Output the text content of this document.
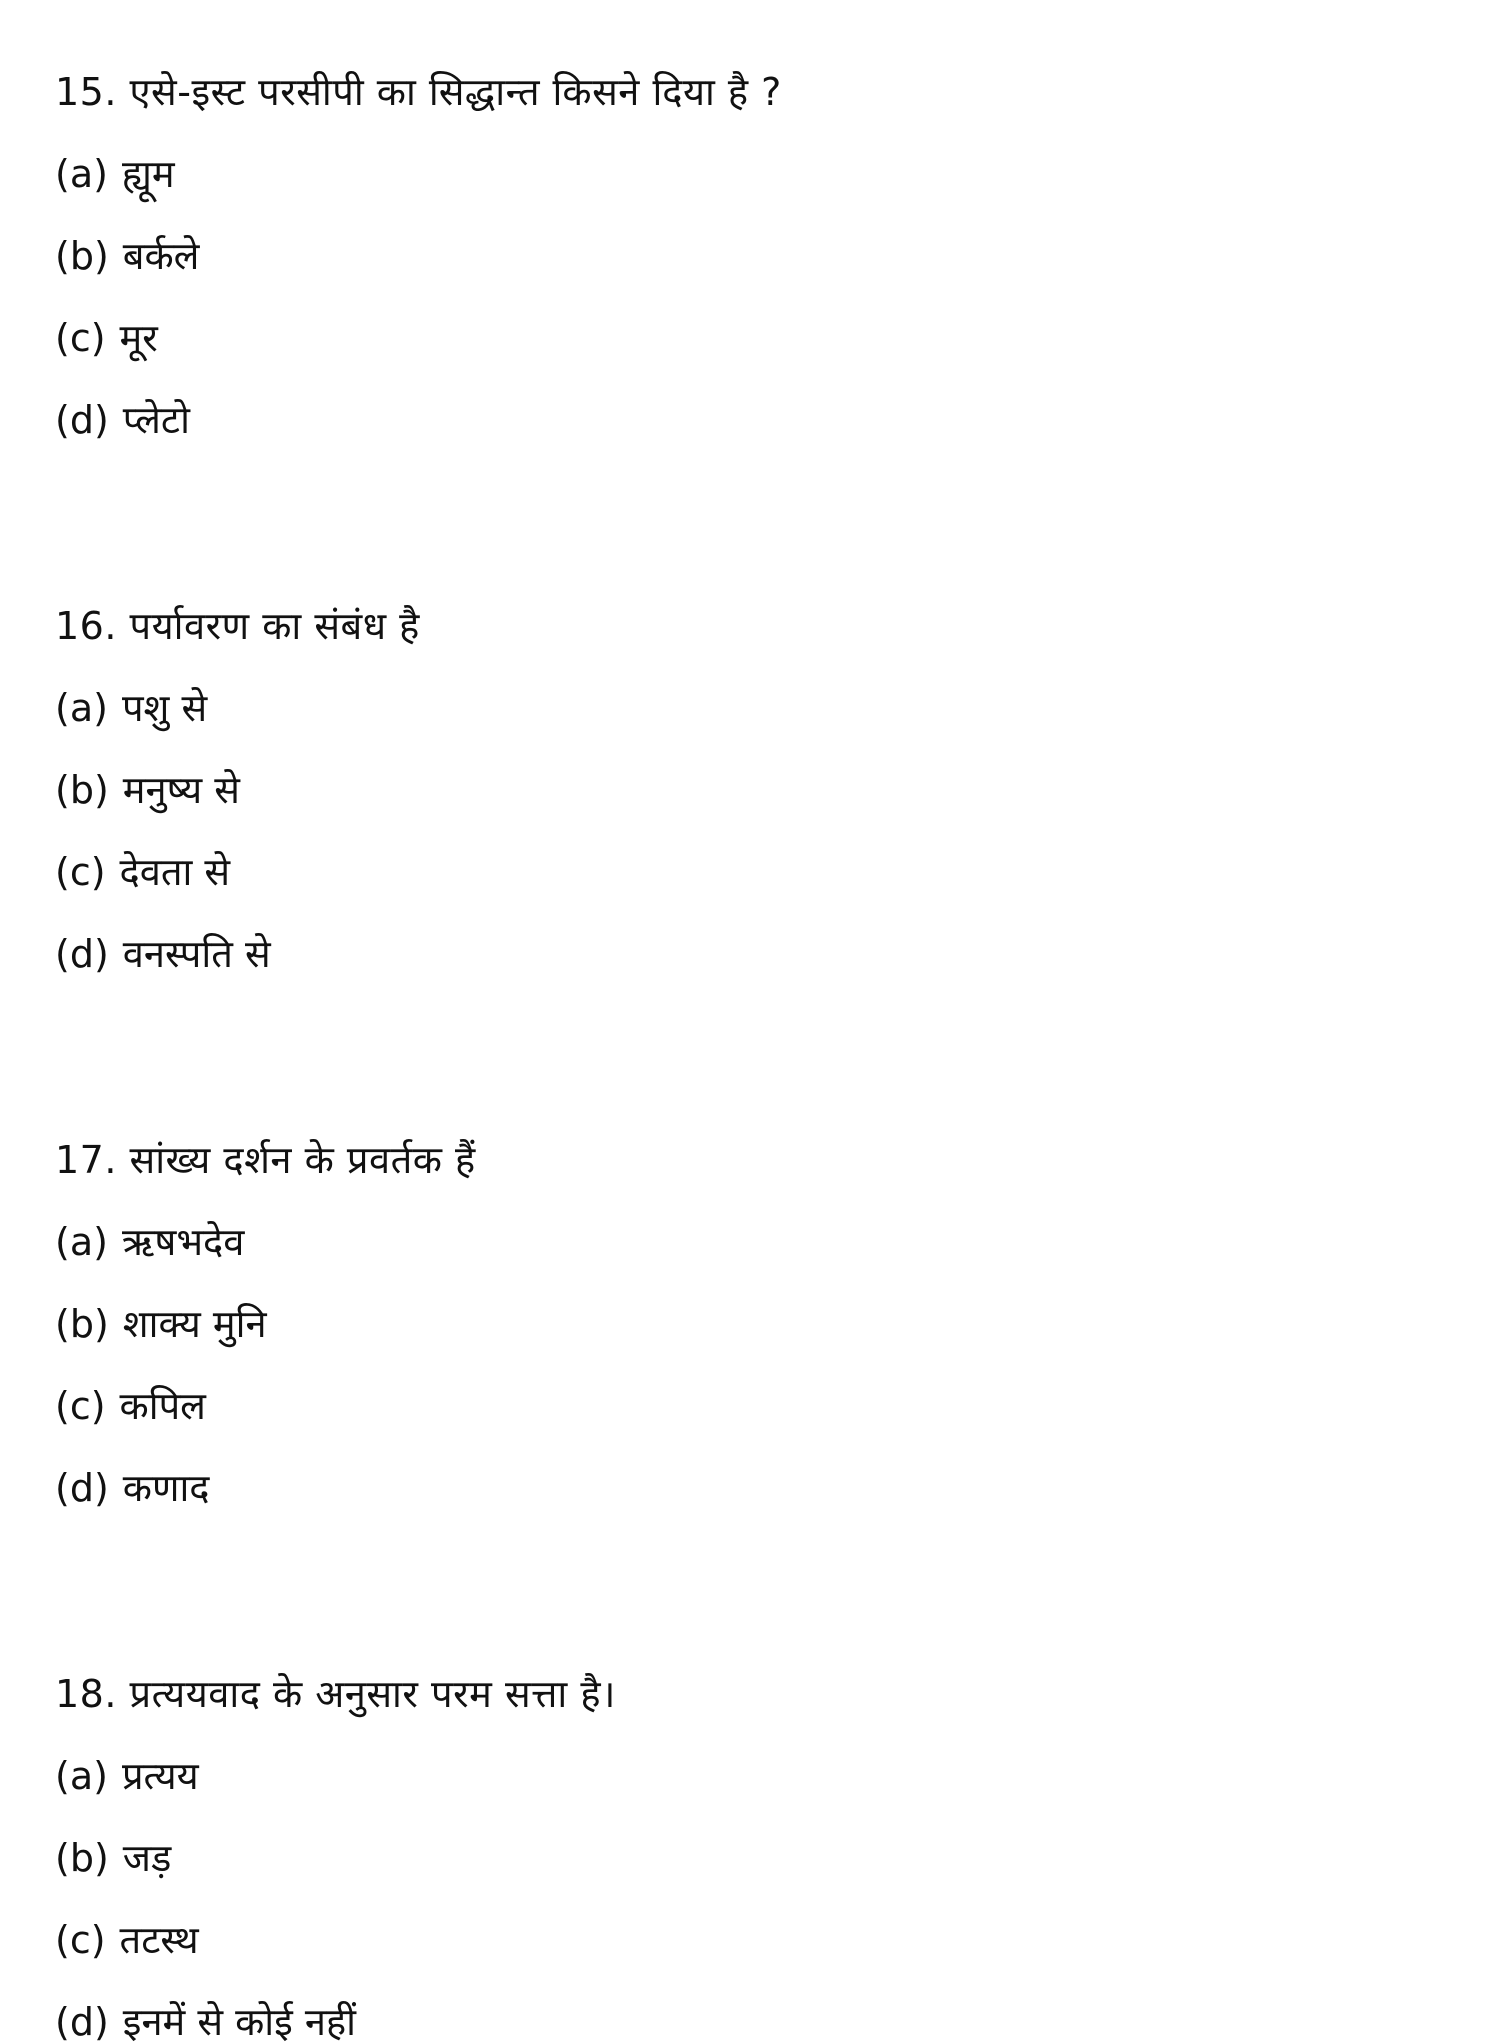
15. एसे-इस्ट परसीपी का सिद्धान्त किसने दिया है ?
(a) ह्यूम
(b) बर्कले
(c) मूर
(d) प्लेटो
16. पर्यावरण का संबंध है
(a) पशु से
(b) मनुष्य से
(c) देवता से
(d) वनस्पति से
17. सांख्य दर्शन के प्रवर्तक हैं
(a) ऋषभदेव
(b) शाक्य मुनि
(c) कपिल
(d) कणाद
18. प्रत्ययवाद के अनुसार परम सत्ता है।
(a) प्रत्यय
(b) जड़
(c) तटस्थ
(d) इनमें से कोई नहीं
